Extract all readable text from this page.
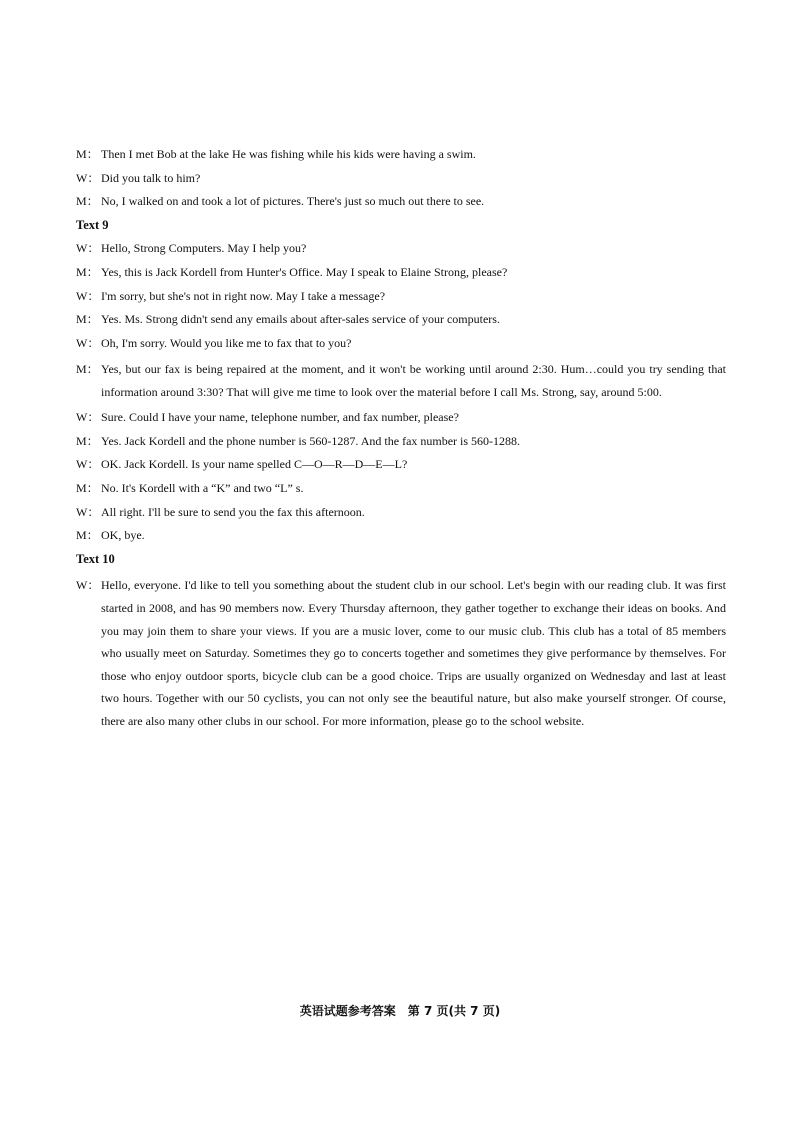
M： Then I met Bob at the lake He was fishing while his kids were having a swim.
W： Did you talk to him?
M： No, I walked on and took a lot of pictures. There's just so much out there to see.
Text 9
W： Hello, Strong Computers. May I help you?
M： Yes, this is Jack Kordell from Hunter's Office. May I speak to Elaine Strong, please?
W： I'm sorry, but she's not in right now. May I take a message?
M： Yes. Ms. Strong didn't send any emails about after-sales service of your computers.
W： Oh, I'm sorry. Would you like me to fax that to you?
M： Yes, but our fax is being repaired at the moment, and it won't be working until around 2:30. Hum…could you try sending that information around 3:30? That will give me time to look over the material before I call Ms. Strong, say, around 5:00.
W： Sure. Could I have your name, telephone number, and fax number, please?
M： Yes. Jack Kordell and the phone number is 560-1287. And the fax number is 560-1288.
W： OK. Jack Kordell. Is your name spelled C—O—R—D—E—L?
M： No. It's Kordell with a “K” and two “L” s.
W： All right. I'll be sure to send you the fax this afternoon.
M： OK, bye.
Text 10
W： Hello, everyone. I'd like to tell you something about the student club in our school. Let's begin with our reading club. It was first started in 2008, and has 90 members now. Every Thursday afternoon, they gather together to exchange their ideas on books. And you may join them to share your views. If you are a music lover, come to our music club. This club has a total of 85 members who usually meet on Saturday. Sometimes they go to concerts together and sometimes they give performance by themselves. For those who enjoy outdoor sports, bicycle club can be a good choice. Trips are usually organized on Wednesday and last at least two hours. Together with our 50 cyclists, you can not only see the beautiful nature, but also make yourself stronger. Of course, there are also many other clubs in our school. For more information, please go to the school website.
英语试题参考答案　第 7 页(共 7 页)
